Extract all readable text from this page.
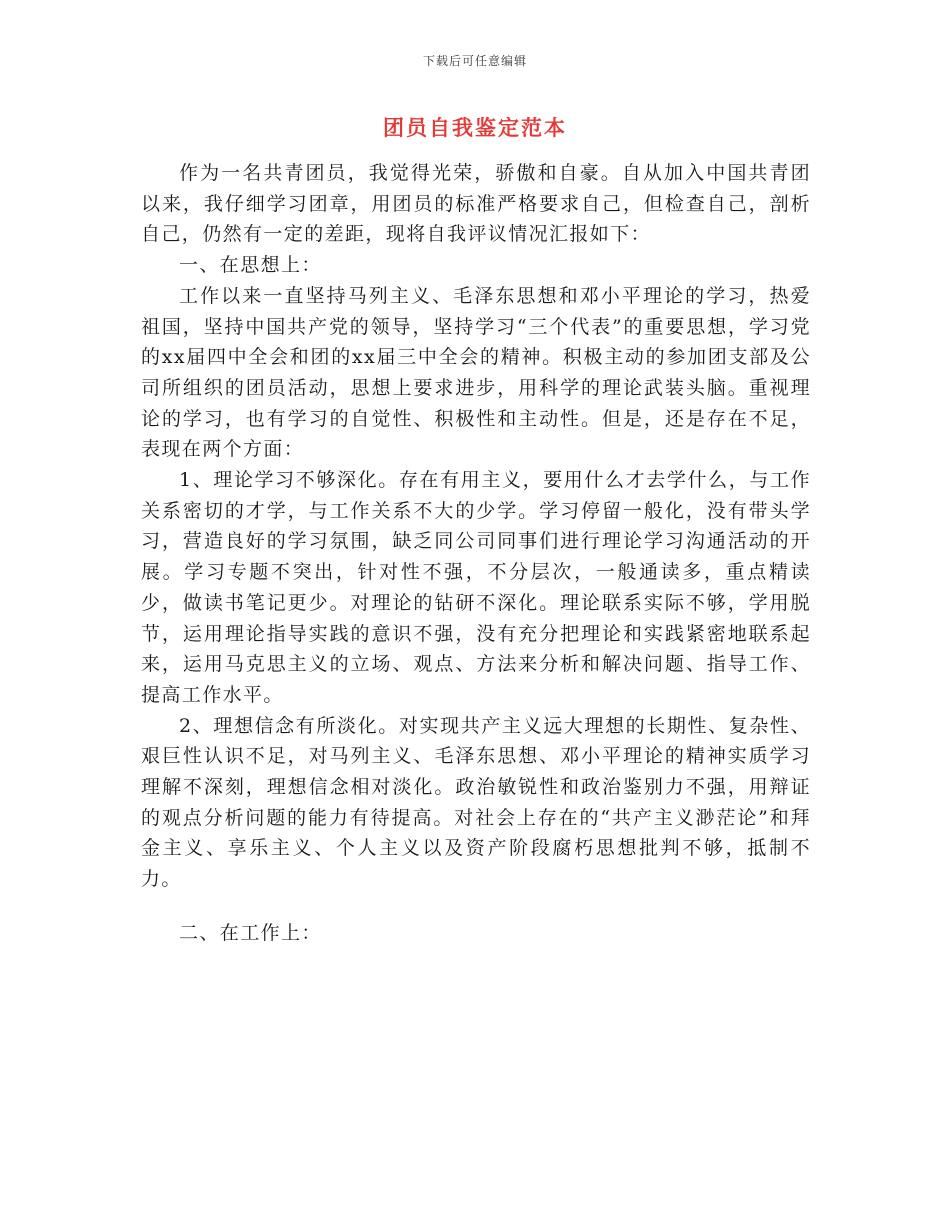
下载后可任意编辑
团员自我鉴定范本

作为一名共青团员，我觉得光荣，骄傲和自豪。自从加入中国共青团以来，我仔细学习团章，用团员的标准严格要求自己，但检查自己，剖析自己，仍然有一定的差距，现将自我评议情况汇报如下：

一、在思想上：

工作以来一直坚持马列主义、毛泽东思想和邓小平理论的学习，热爱祖国，坚持中国共产党的领导，坚持学习“三个代表”的重要思想，学习党的xx届四中全会和团的xx届三中全会的精神。积极主动的参加团支部及公司所组织的团员活动，思想上要求进步，用科学的理论武装头脑。重视理论的学习，也有学习的自觉性、积极性和主动性。但是，还是存在不足，表现在两个方面：

1、理论学习不够深化。存在有用主义，要用什么才去学什么，与工作关系密切的才学，与工作关系不大的少学。学习停留一般化，没有带头学习，营造良好的学习氛围，缺乏同公司同事们进行理论学习沟通活动的开展。学习专题不突出，针对性不强，不分层次，一般通读多，重点精读少，做读书笔记更少。对理论的钻研不深化。理论联系实际不够，学用脱节，运用理论指导实践的意识不强，没有充分把理论和实践紧密地联系起来，运用马克思主义的立场、观点、方法来分析和解决问题、指导工作、提高工作水平。

2、理想信念有所淡化。对实现共产主义远大理想的长期性、复杂性、艰巨性认识不足，对马列主义、毛泽东思想、邓小平理论的精神实质学习理解不深刻，理想信念相对淡化。政治敏锐性和政治鉴别力不强，用辩证的观点分析问题的能力有待提高。对社会上存在的“共产主义渺茫论”和拜金主义、享乐主义、个人主义以及资产阶段腐朽思想批判不够，抵制不力。

二、在工作上：
